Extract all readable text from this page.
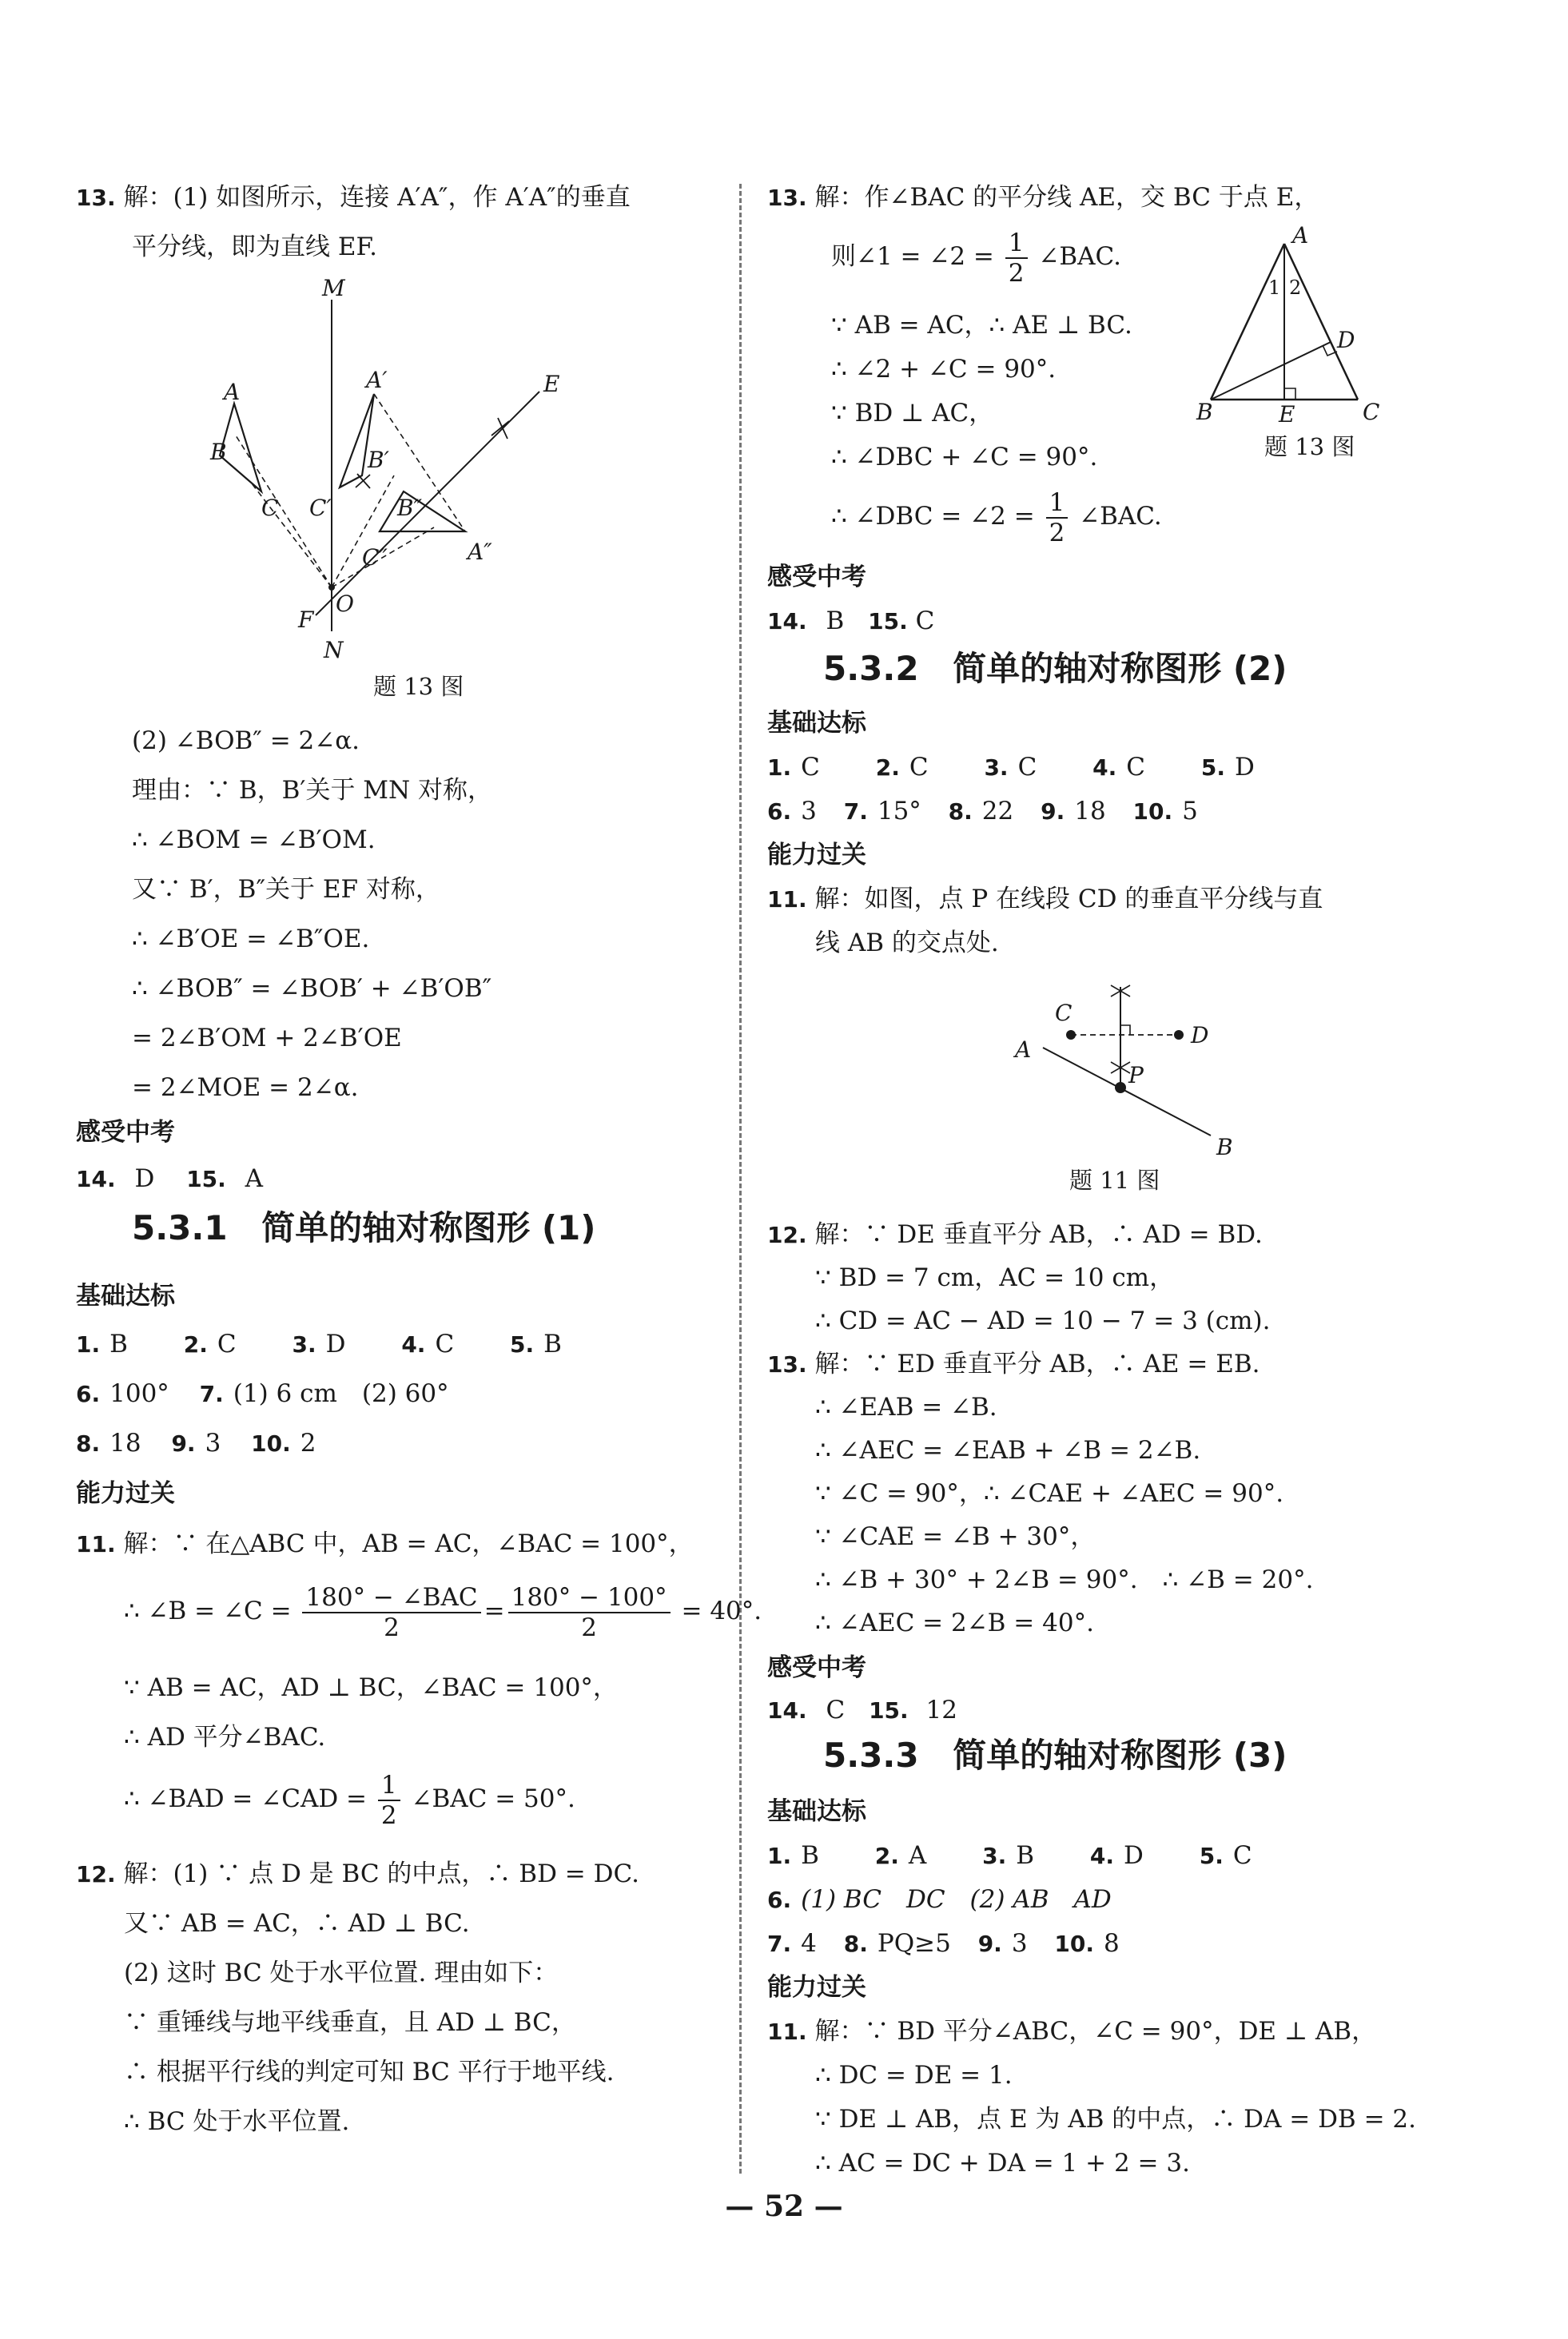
13. 解：(1) 如图所示，连接 A′A″，作 A′A″的垂直
平分线，即为直线 EF.
M
N
E
F
O
A
B
C
A′
B′
C′
A″
B″
C″
题 13 图
(2) ∠BOB″ = 2∠α.
理由：∵ B，B′关于 MN 对称，
∴ ∠BOM = ∠B′OM.
又∵ B′，B″关于 EF 对称，
∴ ∠B′OE = ∠B″OE.
∴ ∠BOB″ = ∠BOB′ + ∠B′OB″
= 2∠B′OM + 2∠B′OE
= 2∠MOE = 2∠α.
感受中考
14. D 15. A
5.3.1 简单的轴对称图形 (1)
基础达标
1. B 2. C 3. D 4. C 5. B
6. 100° 7. (1) 6 cm　(2) 60°
8. 18 9. 3 10. 2
能力过关
11. 解：∵ 在△ABC 中，AB = AC，∠BAC = 100°，
∴ ∠B = ∠C = $\frac{\text{180° − ∠BAC}}{2} = \frac{180^\circ - 100^\circ}{2} = 40^\circ$.
∵ AB = AC，AD ⊥ BC，∠BAC = 100°，
∴ AD 平分∠BAC.
∴ ∠BAD = ∠CAD = $\frac{1}{2}$ ∠BAC = 50°.
12. 解：(1) ∵ 点 D 是 BC 的中点，∴ BD = DC.
又∵ AB = AC，∴ AD ⊥ BC.
(2) 这时 BC 处于水平位置. 理由如下：
∵ 重锤线与地平线垂直，且 AD ⊥ BC，
∴ 根据平行线的判定可知 BC 平行于地平线.
∴ BC 处于水平位置.
13. 解：作∠BAC 的平分线 AE，交 BC 于点 E，
则∠1 = ∠2 = $\frac{1}{2}$ ∠BAC.
∵ AB = AC，∴ AE ⊥ BC.
∴ ∠2 + ∠C = 90°.
∵ BD ⊥ AC，
∴ ∠DBC + ∠C = 90°.
∴ ∠DBC = ∠2 = $\frac{1}{2}$ ∠BAC.
A
B	C
D
E
1 2
题 13 图
感受中考
14. B 15. C
5.3.2 简单的轴对称图形 (2)
基础达标
1. C 2. C 3. C 4. C 5. D
6. 3 7. 15° 8. 22 9. 18 10. 5
能力过关
11. 解：如图，点 P 在线段 CD 的垂直平分线与直
线 AB 的交点处.
A
B
C
D
P
题 11 图
12. 解：∵ DE 垂直平分 AB，∴ AD = BD.
∵ BD = 7 cm，AC = 10 cm，
∴ CD = AC − AD = 10 − 7 = 3 (cm).
13. 解：∵ ED 垂直平分 AB，∴ AE = EB.
∴ ∠EAB = ∠B.
∴ ∠AEC = ∠EAB + ∠B = 2∠B.
∵ ∠C = 90°，∴ ∠CAE + ∠AEC = 90°.
∵ ∠CAE = ∠B + 30°，
∴ ∠B + 30° + 2∠B = 90°.　∴ ∠B = 20°.
∴ ∠AEC = 2∠B = 40°.
感受中考
14. C 15. 12
5.3.3 简单的轴对称图形 (3)
基础达标
1. B 2. A 3. B 4. D 5. C
6. (1) BC　DC　(2) AB　AD
7. 4 8. PQ≥5 9. 3 10. 8
能力过关
11. 解：∵ BD 平分∠ABC，∠C = 90°，DE ⊥ AB，
∴ DC = DE = 1.
∵ DE ⊥ AB，点 E 为 AB 的中点，∴ DA = DB = 2.
∴ AC = DC + DA = 1 + 2 = 3.
— 52 —
